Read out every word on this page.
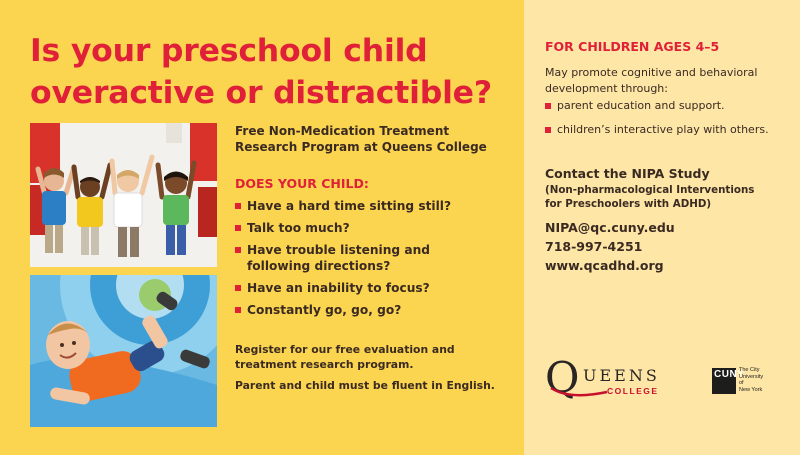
Is your preschool child
overactive or distractible?

Free Non-Medication Treatment
Research Program at Queens College

DOES YOUR CHILD:

Have a hard time sitting still?
Talk too much?
Have trouble listening and
following directions?
Have an inability to focus?
Constantly go, go, go?

Register for our free evaluation and
treatment research program.

Parent and child must be fluent in English.

FOR CHILDREN AGES 4–5

May promote cognitive and behavioral
development through:

parent education and support.
children’s interactive play with others.

Contact the NIPA Study

(Non-pharmacological Interventions
for Preschoolers with ADHD)

NIPA@qc.cuny.edu
718-997-4251
www.qcadhd.org

Q UEENS
COLLEGE
CUNY
The City
University
of
New York
